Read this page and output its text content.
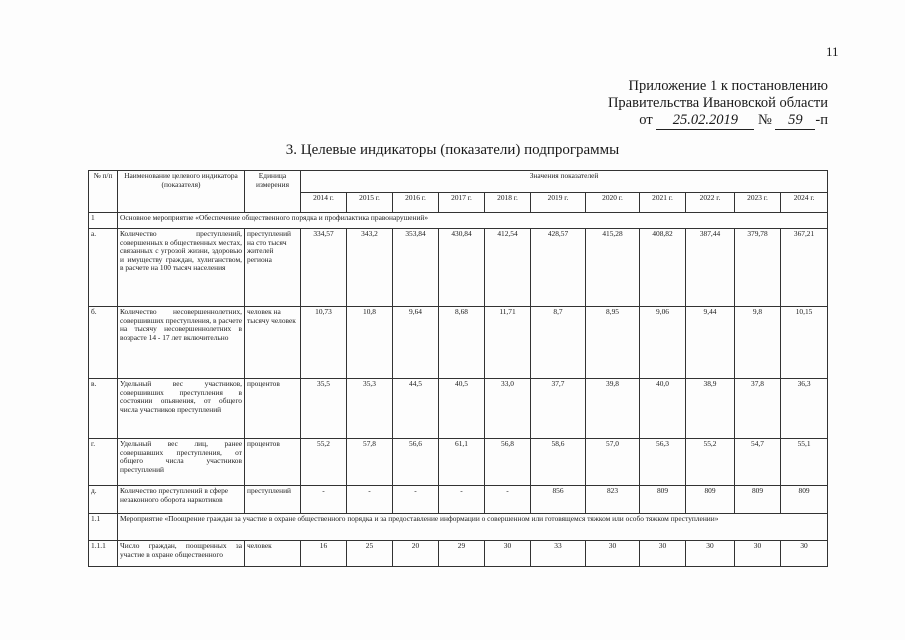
11
Приложение 1 к постановлению
Правительства Ивановской области
от 25.02.2019 № 59 -п
3. Целевые индикаторы (показатели) подпрограммы
№ п/п	Наименование целевого индикатора (показателя)	Единица измерения	Значения показателей										
			2014 г.	2015 г.	2016 г.	2017 г.	2018 г.	2019 г.	2020 г.	2021 г.	2022 г.	2023 г.	2024 г.
1	Основное мероприятие «Обеспечение общественного порядка и профилактика правонарушений»												
а.	Количество преступлений, совершенных в общественных местах, связанных с угрозой жизни, здоровью и имуществу граждан, хулиганством, в расчете на 100 тысяч населения	преступлений на сто тысяч жителей региона	334,57	343,2	353,84	430,84	412,54	428,57	415,28	408,82	387,44	379,78	367,21
б.	Количество несовершеннолетних, совершивших преступления, в расчете на тысячу несовершеннолетних в возрасте 14 - 17 лет включительно	человек на тысячу человек	10,73	10,8	9,64	8,68	11,71	8,7	8,95	9,06	9,44	9,8	10,15
в.	Удельный вес участников, совершивших преступления в состоянии опьянения, от общего числа участников преступлений	процентов	35,5	35,3	44,5	40,5	33,0	37,7	39,8	40,0	38,9	37,8	36,3
г.	Удельный вес лиц, ранее совершавших преступления, от общего числа участников преступлений	процентов	55,2	57,8	56,6	61,1	56,8	58,6	57,0	56,3	55,2	54,7	55,1
д.	Количество преступлений в сфере незаконного оборота наркотиков	преступлений	-	-	-	-	-	856	823	809	809	809	809
1.1	Мероприятие «Поощрение граждан за участие в охране общественного порядка и за предоставление информации о совершенном или готовящемся тяжком или особо тяжком преступлении»												
1.1.1	Число граждан, поощренных за участие в охране общественного	человек	16	25	20	29	30	33	30	30	30	30	30
